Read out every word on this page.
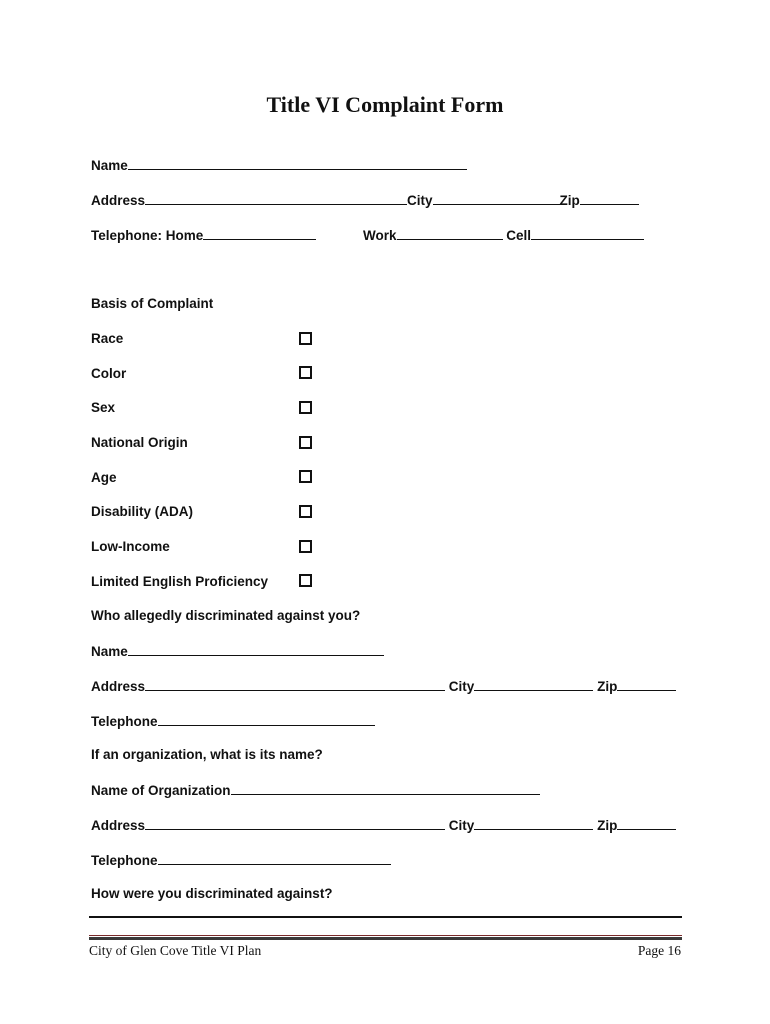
Title VI Complaint Form
Name
Address	City	Zip
Telephone: Home	Work	Cell
Basis of Complaint
Race
Color
Sex
National Origin
Age
Disability (ADA)
Low-Income
Limited English Proficiency
Who allegedly discriminated against you?
Name
Address	City	Zip
Telephone
If an organization, what is its name?
Name of Organization
Address	City	Zip
Telephone
How were you discriminated against?
City of Glen Cove Title VI Plan	Page 16
